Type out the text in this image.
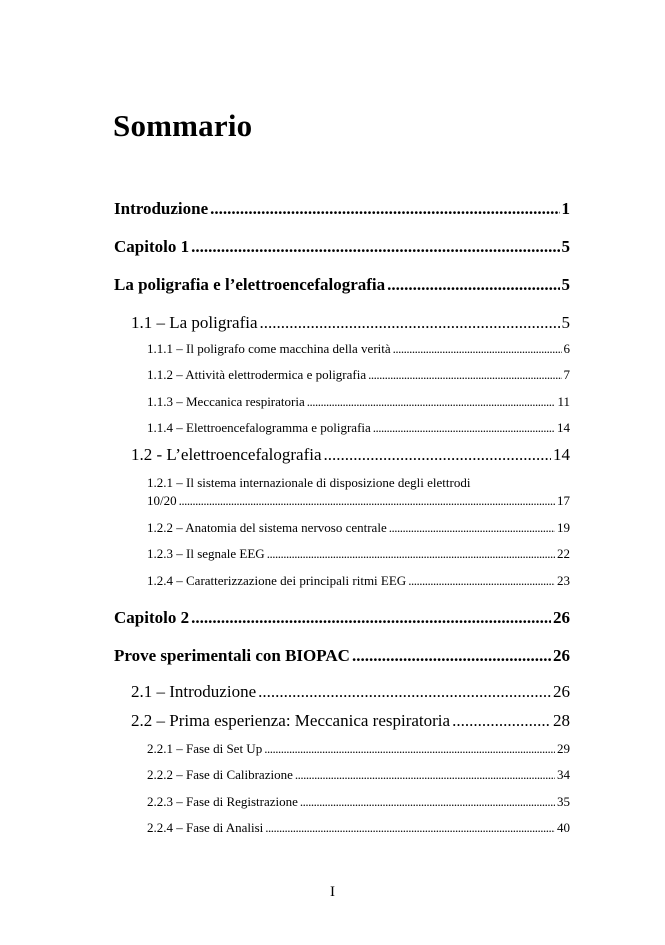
Sommario
Introduzione .....	1
Capitolo 1 .....	5
La poligrafia e l’elettroencefalografia .....	5
1.1 – La poligrafia .....	5
1.1.1 – Il poligrafo come macchina della verità .....	6
1.1.2 – Attività elettrodermica e poligrafia .....	7
1.1.3 – Meccanica respiratoria .....	11
1.1.4 – Elettroencefalogramma e poligrafia .....	14
1.2 - L’elettroencefalografia .....	14
1.2.1 – Il sistema internazionale di disposizione degli elettrodi
10/20 .....	17
1.2.2 – Anatomia del sistema nervoso centrale .....	19
1.2.3 – Il segnale EEG .....	22
1.2.4 – Caratterizzazione dei principali ritmi EEG .....	23
Capitolo 2 .....	26
Prove sperimentali con BIOPAC .....	26
2.1 – Introduzione .....	26
2.2 – Prima esperienza: Meccanica respiratoria .....	28
2.2.1 – Fase di Set Up .....	29
2.2.2 – Fase di Calibrazione .....	34
2.2.3 – Fase di Registrazione .....	35
2.2.4 – Fase di Analisi .....	40
I
